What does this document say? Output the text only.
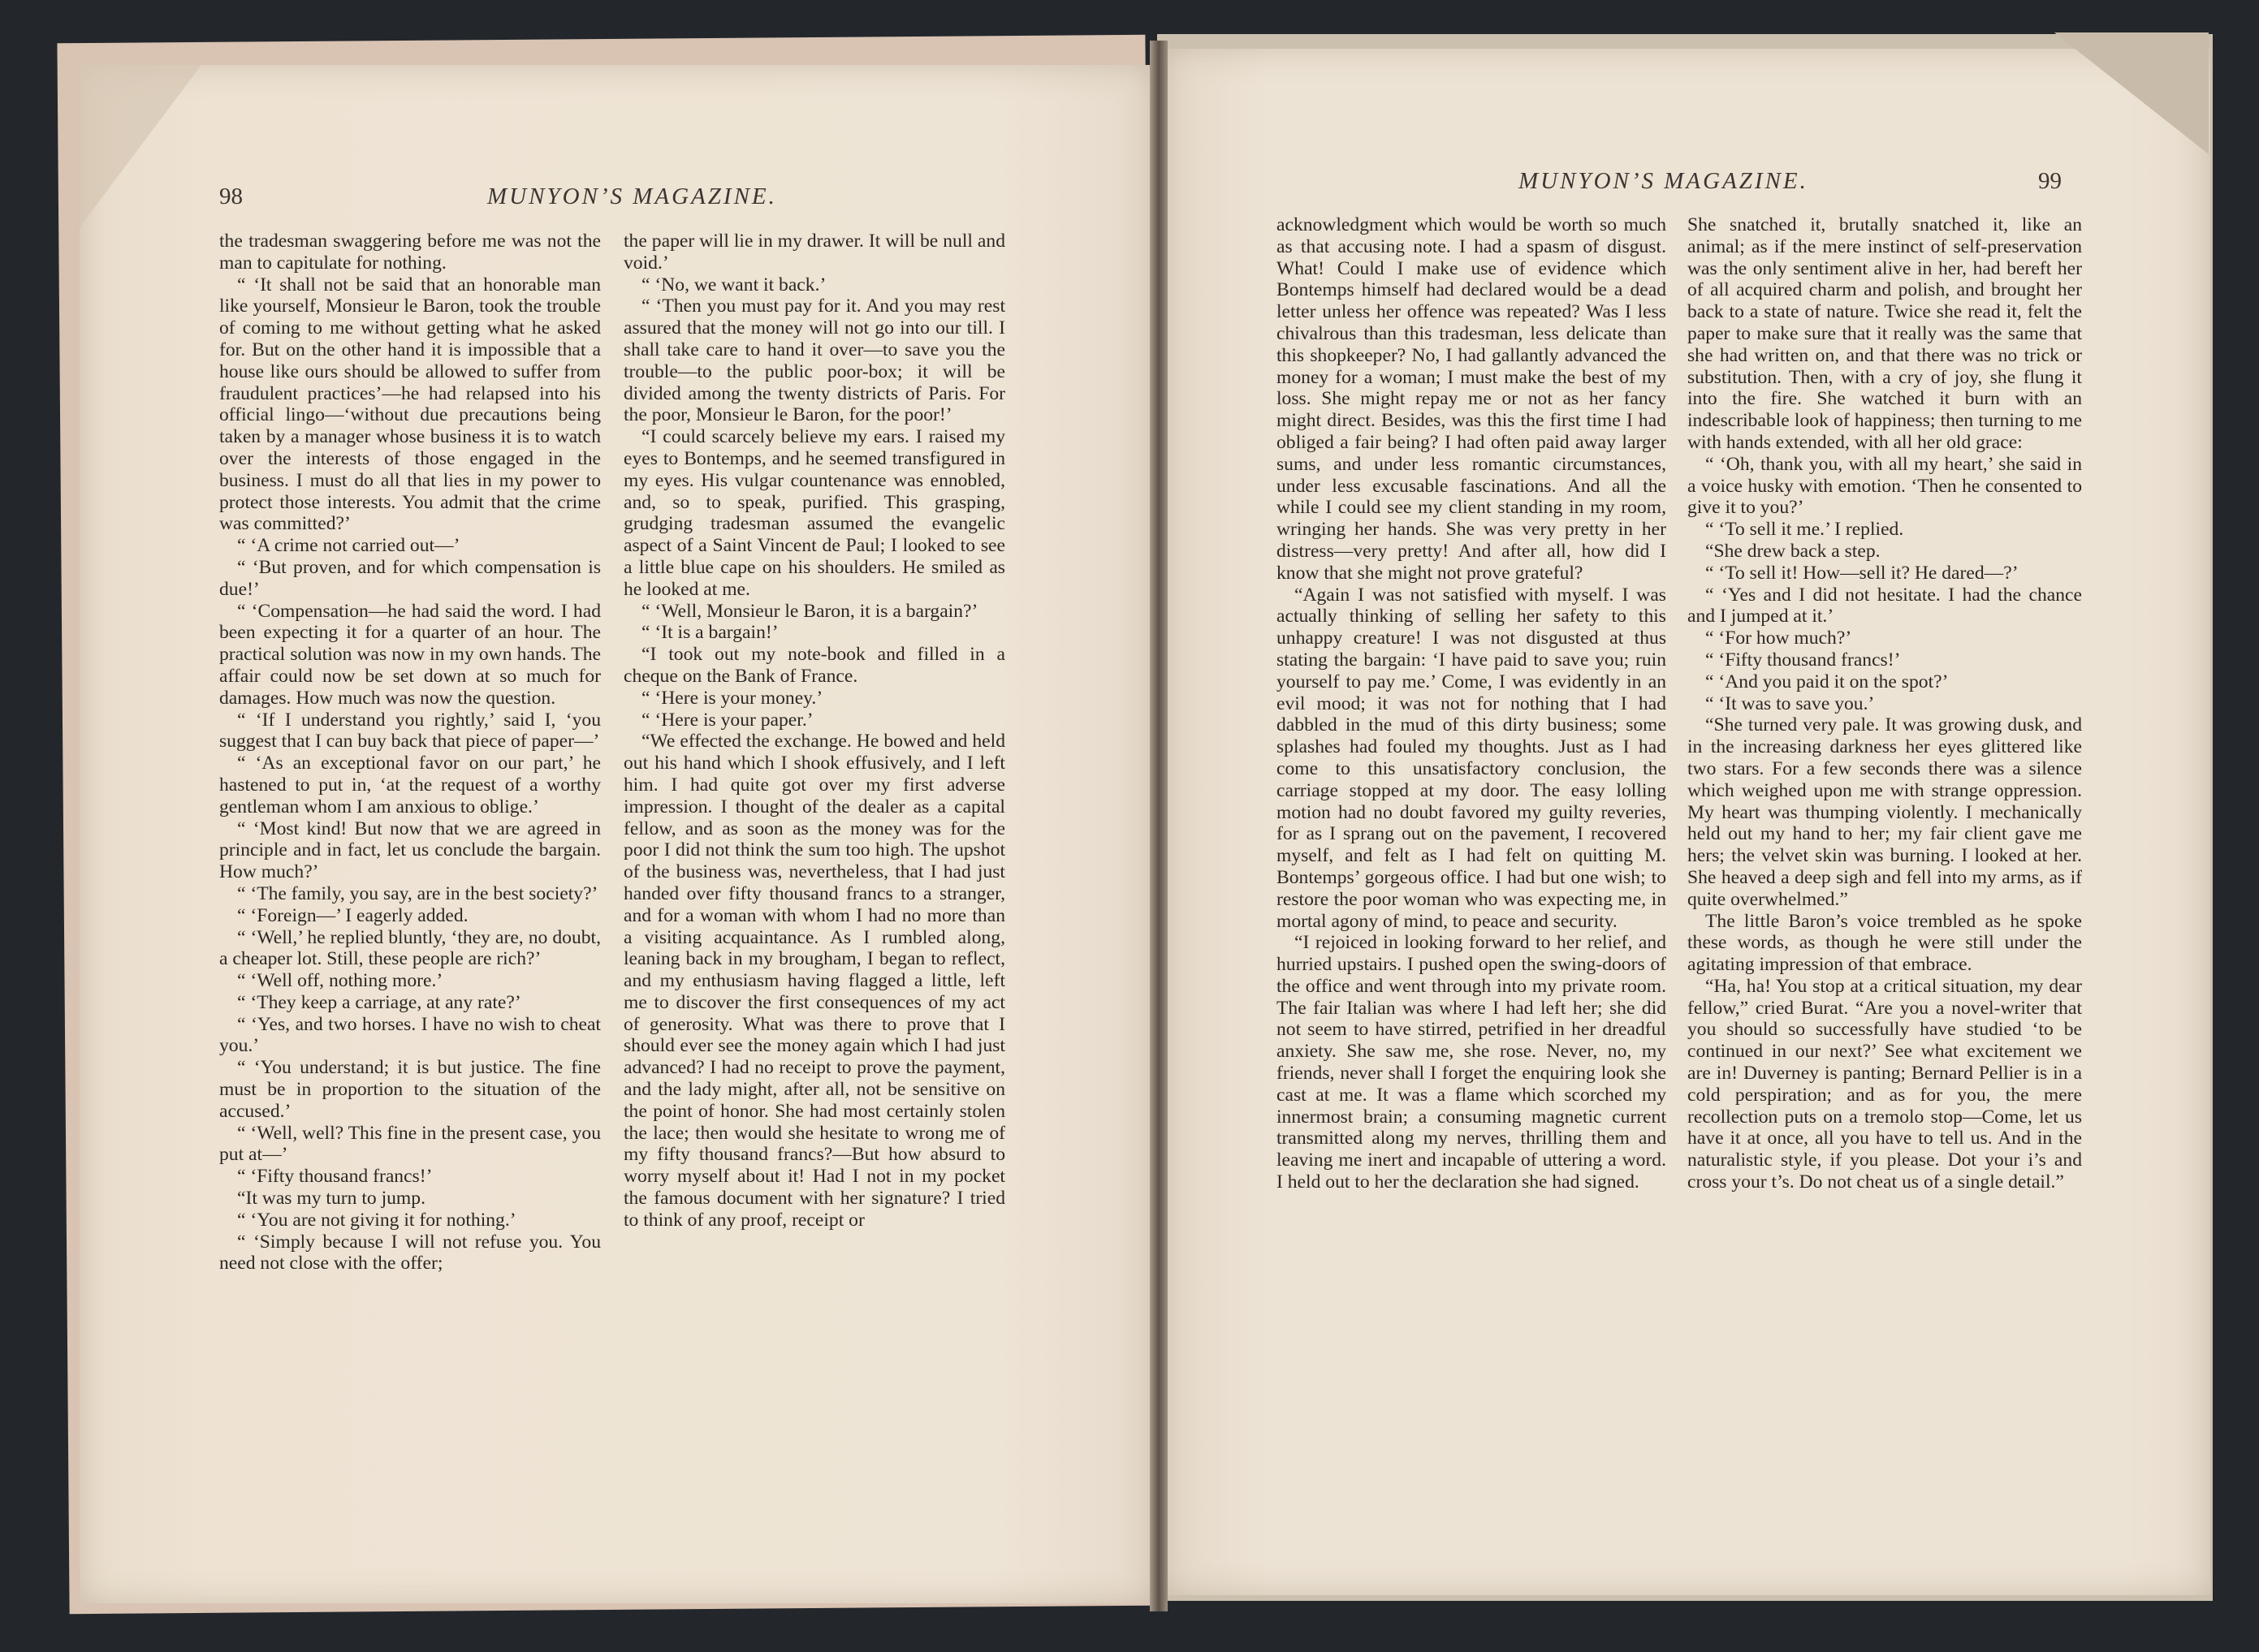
98	MUNYON’S MAGAZINE.
MUNYON’S MAGAZINE.	99

the tradesman swaggering before me was not the man to capitulate for nothing.

“ ‘It shall not be said that an honorable man like yourself, Monsieur le Baron, took the trouble of coming to me without getting what he asked for. But on the other hand it is impossible that a house like ours should be allowed to suffer from fraudulent practices’—he had relapsed into his official lingo—‘without due precautions being taken by a manager whose business it is to watch over the interests of those engaged in the business. I must do all that lies in my power to protect those interests. You admit that the crime was committed?’

“ ‘A crime not carried out—’

“ ‘But proven, and for which compensation is due!’

“ ‘Compensation—he had said the word. I had been expecting it for a quarter of an hour. The practical solution was now in my own hands. The affair could now be set down at so much for damages. How much was now the question.

“ ‘If I understand you rightly,’ said I, ‘you suggest that I can buy back that piece of paper—’

“ ‘As an exceptional favor on our part,’ he hastened to put in, ‘at the request of a worthy gentleman whom I am anxious to oblige.’

“ ‘Most kind! But now that we are agreed in principle and in fact, let us conclude the bargain. How much?’

“ ‘The family, you say, are in the best society?’

“ ‘Foreign—’ I eagerly added.

“ ‘Well,’ he replied bluntly, ‘they are, no doubt, a cheaper lot. Still, these people are rich?’

“ ‘Well off, nothing more.’

“ ‘They keep a carriage, at any rate?’

“ ‘Yes, and two horses. I have no wish to cheat you.’

“ ‘You understand; it is but justice. The fine must be in proportion to the situation of the accused.’

“ ‘Well, well? This fine in the present case, you put at—’

“ ‘Fifty thousand francs!’

“It was my turn to jump.

“ ‘You are not giving it for nothing.’

“ ‘Simply because I will not refuse you. You need not close with the offer;

the paper will lie in my drawer. It will be null and void.’

“ ‘No, we want it back.’

“ ‘Then you must pay for it. And you may rest assured that the money will not go into our till. I shall take care to hand it over—to save you the trouble—to the public poor-box; it will be divided among the twenty districts of Paris. For the poor, Monsieur le Baron, for the poor!’

“I could scarcely believe my ears. I raised my eyes to Bontemps, and he seemed transfigured in my eyes. His vulgar countenance was ennobled, and, so to speak, purified. This grasping, grudging tradesman assumed the evangelic aspect of a Saint Vincent de Paul; I looked to see a little blue cape on his shoulders. He smiled as he looked at me.

“ ‘Well, Monsieur le Baron, it is a bargain?’

“ ‘It is a bargain!’

“I took out my note-book and filled in a cheque on the Bank of France.

“ ‘Here is your money.’

“ ‘Here is your paper.’

“We effected the exchange. He bowed and held out his hand which I shook effusively, and I left him. I had quite got over my first adverse impression. I thought of the dealer as a capital fellow, and as soon as the money was for the poor I did not think the sum too high. The upshot of the business was, nevertheless, that I had just handed over fifty thousand francs to a stranger, and for a woman with whom I had no more than a visiting acquaintance. As I rumbled along, leaning back in my brougham, I began to reflect, and my enthusiasm having flagged a little, left me to discover the first consequences of my act of generosity. What was there to prove that I should ever see the money again which I had just advanced? I had no receipt to prove the payment, and the lady might, after all, not be sensitive on the point of honor. She had most certainly stolen the lace; then would she hesitate to wrong me of my fifty thousand francs?—But how absurd to worry myself about it! Had I not in my pocket the famous document with her signature? I tried to think of any proof, receipt or

acknowledgment which would be worth so much as that accusing note. I had a spasm of disgust. What! Could I make use of evidence which Bontemps himself had declared would be a dead letter unless her offence was repeated? Was I less chivalrous than this tradesman, less delicate than this shopkeeper? No, I had gallantly advanced the money for a woman; I must make the best of my loss. She might repay me or not as her fancy might direct. Besides, was this the first time I had obliged a fair being? I had often paid away larger sums, and under less romantic circumstances, under less excusable fascinations. And all the while I could see my client standing in my room, wringing her hands. She was very pretty in her distress—very pretty! And after all, how did I know that she might not prove grateful?

“Again I was not satisfied with myself. I was actually thinking of selling her safety to this unhappy creature! I was not disgusted at thus stating the bargain: ‘I have paid to save you; ruin yourself to pay me.’ Come, I was evidently in an evil mood; it was not for nothing that I had dabbled in the mud of this dirty business; some splashes had fouled my thoughts. Just as I had come to this unsatisfactory conclusion, the carriage stopped at my door. The easy lolling motion had no doubt favored my guilty reveries, for as I sprang out on the pavement, I recovered myself, and felt as I had felt on quitting M. Bontemps’ gorgeous office. I had but one wish; to restore the poor woman who was expecting me, in mortal agony of mind, to peace and security.

“I rejoiced in looking forward to her relief, and hurried upstairs. I pushed open the swing-doors of the office and went through into my private room. The fair Italian was where I had left her; she did not seem to have stirred, petrified in her dreadful anxiety. She saw me, she rose. Never, no, my friends, never shall I forget the enquiring look she cast at me. It was a flame which scorched my innermost brain; a consuming magnetic current transmitted along my nerves, thrilling them and leaving me inert and incapable of uttering a word. I held out to her the declaration she had signed.

She snatched it, brutally snatched it, like an animal; as if the mere instinct of self-preservation was the only sentiment alive in her, had bereft her of all acquired charm and polish, and brought her back to a state of nature. Twice she read it, felt the paper to make sure that it really was the same that she had written on, and that there was no trick or substitution. Then, with a cry of joy, she flung it into the fire. She watched it burn with an indescribable look of happiness; then turning to me with hands extended, with all her old grace:

“ ‘Oh, thank you, with all my heart,’ she said in a voice husky with emotion. ‘Then he consented to give it to you?’

“ ‘To sell it me.’ I replied.

“She drew back a step.

“ ‘To sell it! How—sell it? He dared—?’

“ ‘Yes and I did not hesitate. I had the chance and I jumped at it.’

“ ‘For how much?’

“ ‘Fifty thousand francs!’

“ ‘And you paid it on the spot?’

“ ‘It was to save you.’

“She turned very pale. It was growing dusk, and in the increasing darkness her eyes glittered like two stars. For a few seconds there was a silence which weighed upon me with strange oppression. My heart was thumping violently. I mechanically held out my hand to her; my fair client gave me hers; the velvet skin was burning. I looked at her. She heaved a deep sigh and fell into my arms, as if quite overwhelmed.”

The little Baron’s voice trembled as he spoke these words, as though he were still under the agitating impression of that embrace.

“Ha, ha! You stop at a critical situation, my dear fellow,” cried Burat. “Are you a novel-writer that you should so successfully have studied ‘to be continued in our next?’ See what excitement we are in! Duverney is panting; Bernard Pellier is in a cold perspiration; and as for you, the mere recollection puts on a tremolo stop—Come, let us have it at once, all you have to tell us. And in the naturalistic style, if you please. Dot your i’s and cross your t’s. Do not cheat us of a single detail.”
